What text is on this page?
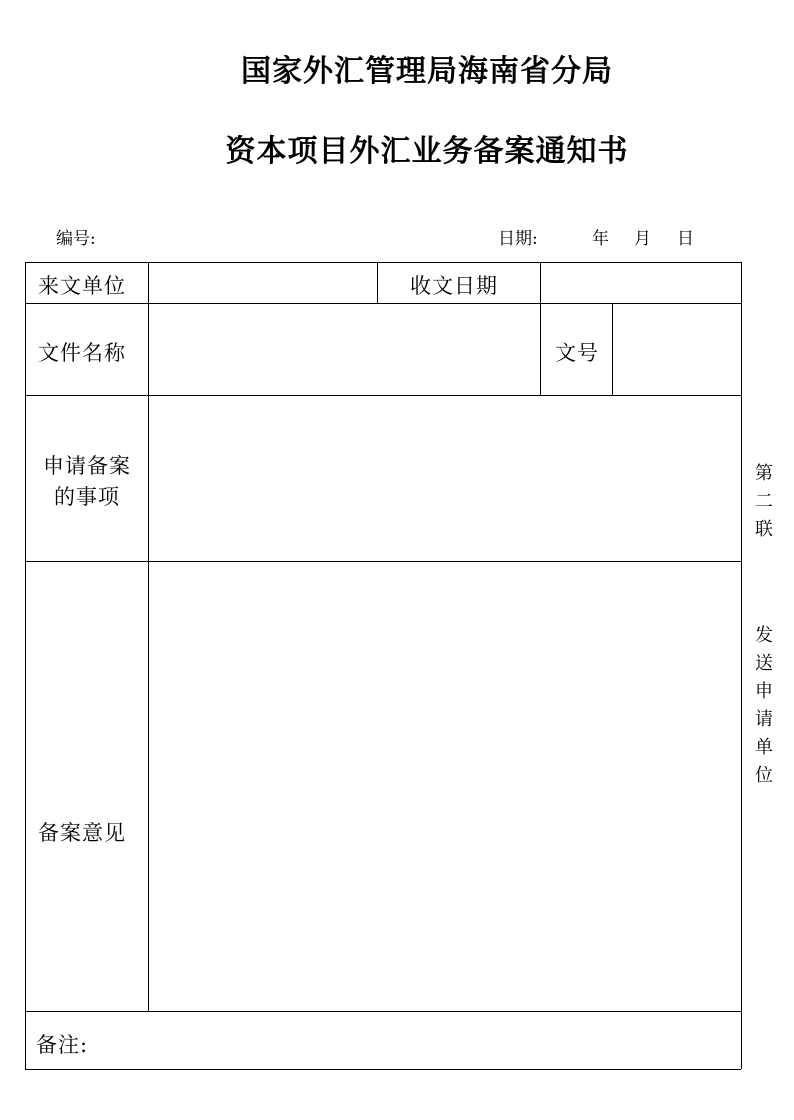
国家外汇管理局海南省分局
资本项目外汇业务备案通知书
编号:	日期:	年 月 日
来文单位	收文日期
文件名称	文号
申请备案
的事项
备案意见
备注:
第
二
联
发
送
申
请
单
位
